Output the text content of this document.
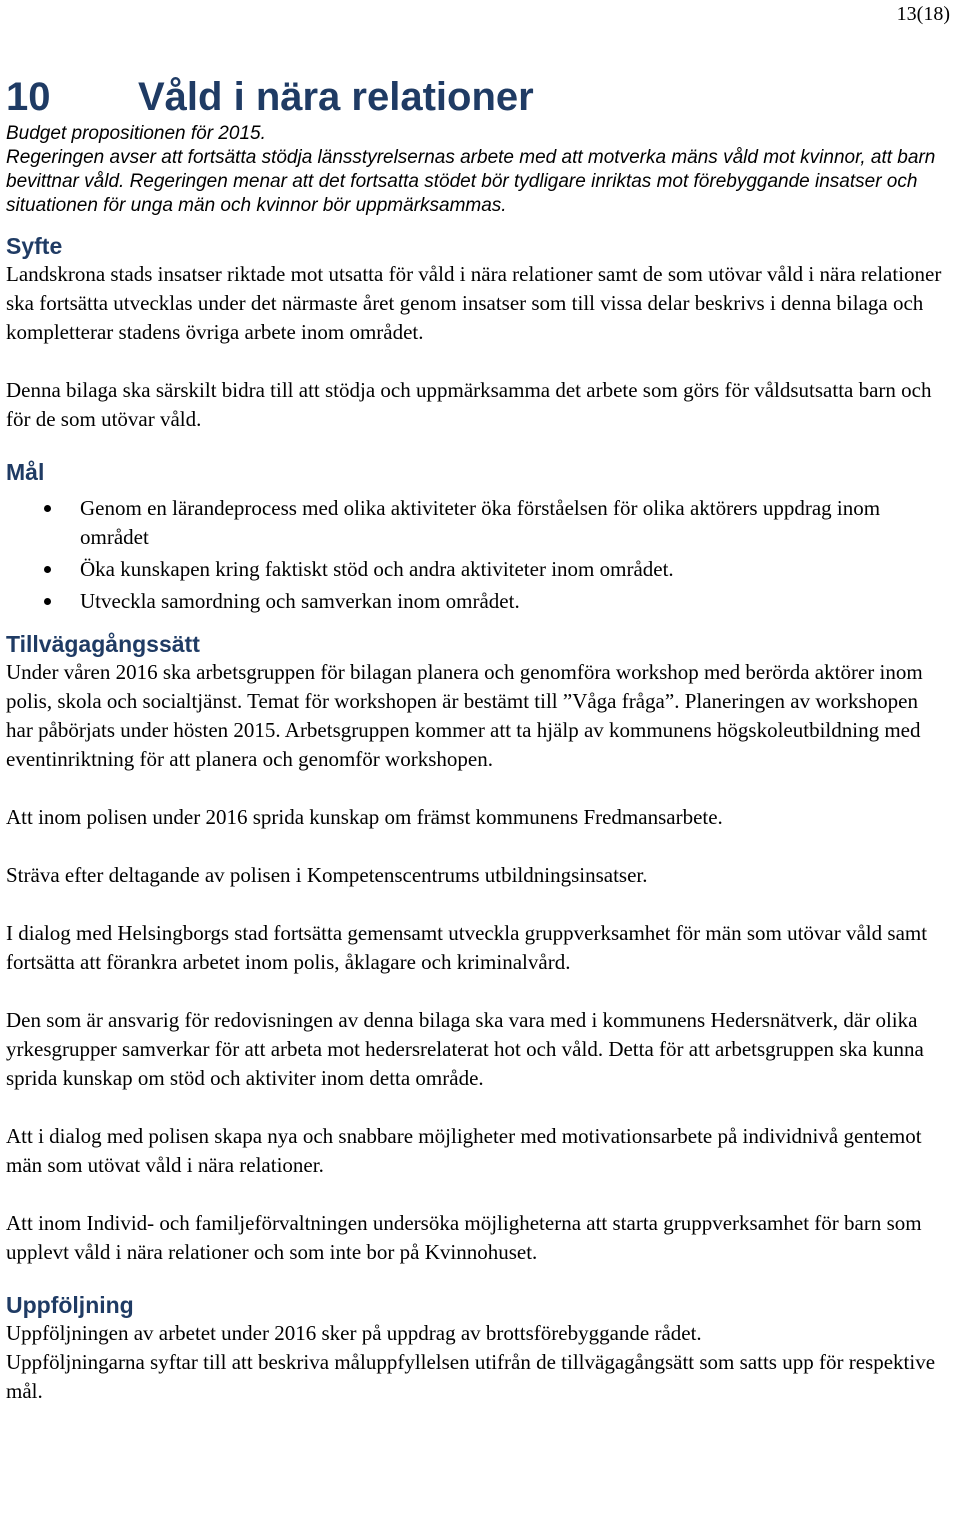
13(18)
10	Våld i nära relationer

Budget propositionen för 2015.

Regeringen avser att fortsätta stödja länsstyrelsernas arbete med att motverka mäns våld mot kvinnor, att barn bevittnar våld. Regeringen menar att det fortsatta stödet bör tydligare inriktas mot förebyggande insatser och situationen för unga män och kvinnor bör uppmärksammas.

Syfte

Landskrona stads insatser riktade mot utsatta för våld i nära relationer samt de som utövar våld i nära relationer ska fortsätta utvecklas under det närmaste året genom insatser som till vissa delar beskrivs i denna bilaga och kompletterar stadens övriga arbete inom området.

Denna bilaga ska särskilt bidra till att stödja och uppmärksamma det arbete som görs för våldsutsatta barn och för de som utövar våld.

Mål
Genom en lärandeprocess med olika aktiviteter öka förståelsen för olika aktörers uppdrag inom området
Öka kunskapen kring faktiskt stöd och andra aktiviteter inom området.
Utveckla samordning och samverkan inom området.
Tillvägagångssätt

Under våren 2016 ska arbetsgruppen för bilagan planera och genomföra workshop med berörda aktörer inom polis, skola och socialtjänst. Temat för workshopen är bestämt till ”Våga fråga”. Planeringen av workshopen har påbörjats under hösten 2015. Arbetsgruppen kommer att ta hjälp av kommunens högskoleutbildning med eventinriktning för att planera och genomför workshopen.

Att inom polisen under 2016 sprida kunskap om främst kommunens Fredmansarbete.

Sträva efter deltagande av polisen i Kompetenscentrums utbildningsinsatser.

I dialog med Helsingborgs stad fortsätta gemensamt utveckla gruppverksamhet för män som utövar våld samt fortsätta att förankra arbetet inom polis, åklagare och kriminalvård.

Den som är ansvarig för redovisningen av denna bilaga ska vara med i kommunens Hedersnätverk, där olika yrkesgrupper samverkar för att arbeta mot hedersrelaterat hot och våld. Detta för att arbetsgruppen ska kunna sprida kunskap om stöd och aktiviter inom detta område.

Att i dialog med polisen skapa nya och snabbare möjligheter med motivationsarbete på individnivå gentemot män som utövat våld i nära relationer.

Att inom Individ- och familjeförvaltningen undersöka möjligheterna att starta gruppverksamhet för barn som upplevt våld i nära relationer och som inte bor på Kvinnohuset.

Uppföljning

Uppföljningen av arbetet under 2016 sker på uppdrag av brottsförebyggande rådet.

Uppföljningarna syftar till att beskriva måluppfyllelsen utifrån de tillvägagångsätt som satts upp för respektive mål.
